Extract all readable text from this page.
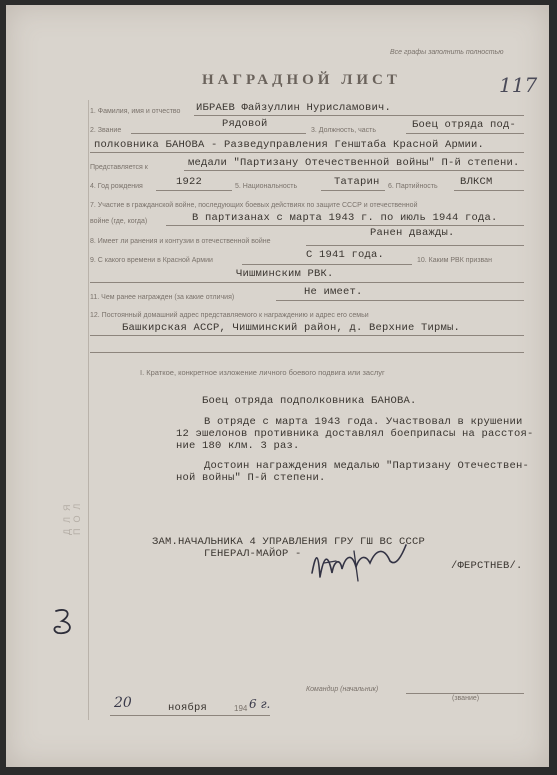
Все графы заполнить полностью
НАГРАДНОЙ ЛИСТ	117
ДЛЯ ПОЛ
1. Фамилия, имя и отчество ИБРАЕВ Файзуллин Нурисламович.
2. Звание
Рядовой
3. Должность, часть	Боец отряда под-
полковника БАНОВА - Разведуправления Генштаба Красной Армии.
Представляется к	медали "Партизану Отечественной войны" П-й степени.
4. Год рождения	1922	5. Национальность	Татарин 6. Партийность ВЛКСМ
7. Участие в гражданской войне, последующих боевых действиях по защите СССР и отечественной
войне (где, когда)	В партизанах с марта 1943 г. по июль 1944 года.
Ранен дважды.
8. Имеет ли ранения и контузии в отечественной войне
9. С какого времени в Красной Армии	С 1941 года.	10. Каким РВК призван
Чишминским РВК.
11. Чем ранее награжден (за какие отличия)	Не имеет.
12. Постоянный домашний адрес представляемого к награждению и адрес его семьи
Башкирская АССР, Чишминский район, д. Верхние Тирмы.
I. Краткое, конкретное изложение личного боевого подвига или заслуг
Боец отряда подполковника БАНОВА.
В отряде с марта 1943 года. Участвовал в крушении
12 эшелонов противника доставлял боеприпасы на расстоя-
ние 180 клм. 3 раз.
Достоин награждения медалью "Партизану Отечествен-
ной войны" П-й степени.
ЗАМ.НАЧАЛЬНИКА 4 УПРАВЛЕНИЯ ГРУ ГШ ВС СССР
ГЕНЕРАЛ-МАЙОР -
/ФЕРСТНЕВ/.
Командир (начальник)
(звание)
20	ноября	194 6 г.
